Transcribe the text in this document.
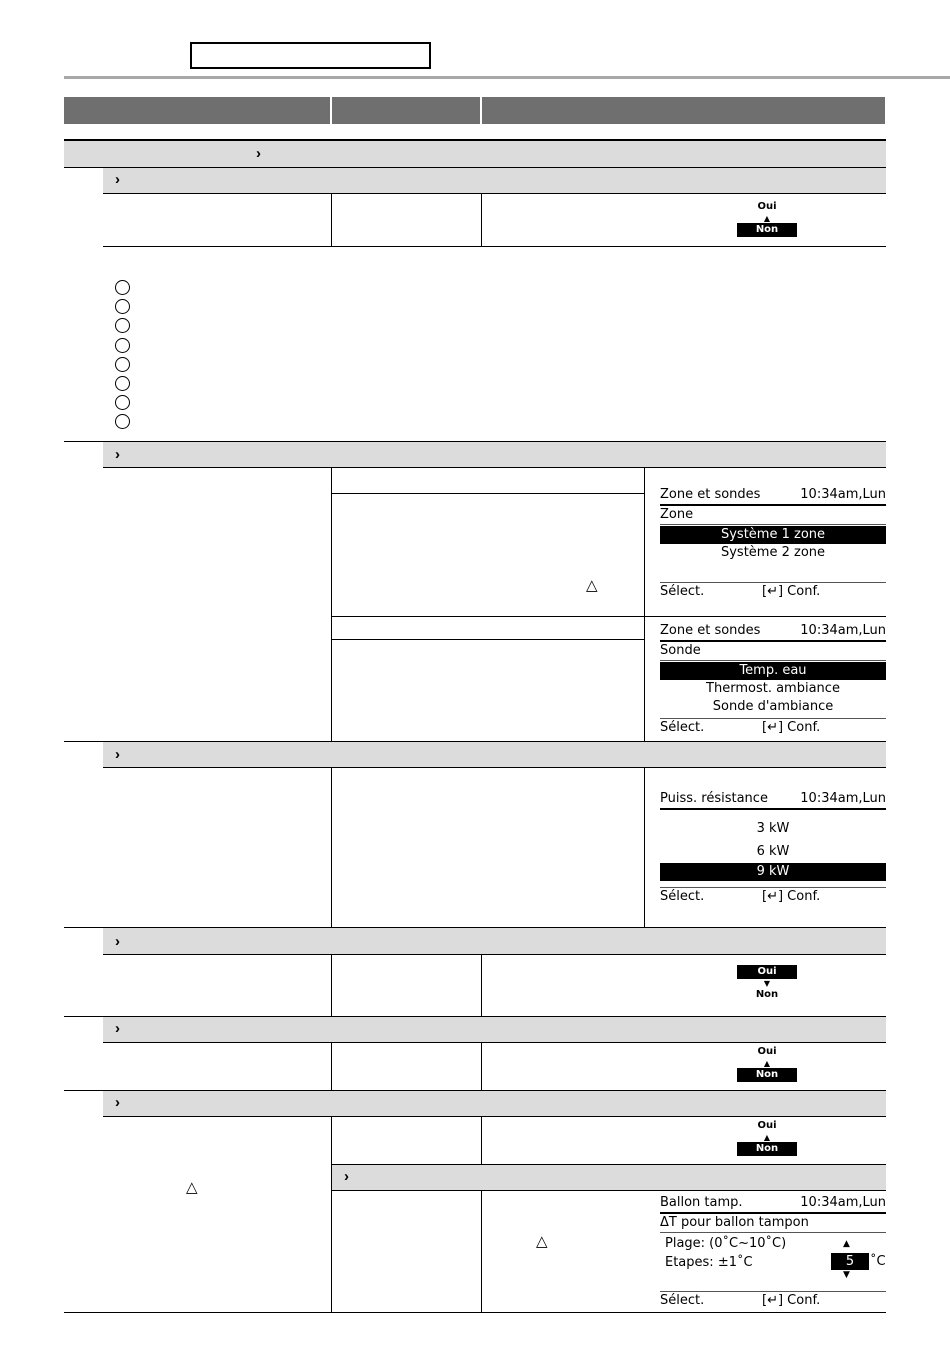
›
›
Oui
▲
Non
›
△
Zone et sondes	10:34am,Lun
Zone
Système 1 zone
Système 2 zone
Sélect.	[↵] Conf.
Zone et sondes	10:34am,Lun
Sonde
Temp. eau
Thermost. ambiance
Sonde d'ambiance
Sélect.	[↵] Conf.
›
Puiss. résistance 10:34am,Lun
3 kW
6 kW
9 kW
Sélect.	[↵] Conf.
›
Oui
▼
Non
›
Oui
▲
Non
›
Oui
▲
Non
△
›
△
Ballon tamp.	10:34am,Lun
ΔT pour ballon tampon
Plage: (0˚C~10˚C)
Etapes: ±1˚C
▲
5	˚C
▼
Sélect.	[↵] Conf.
